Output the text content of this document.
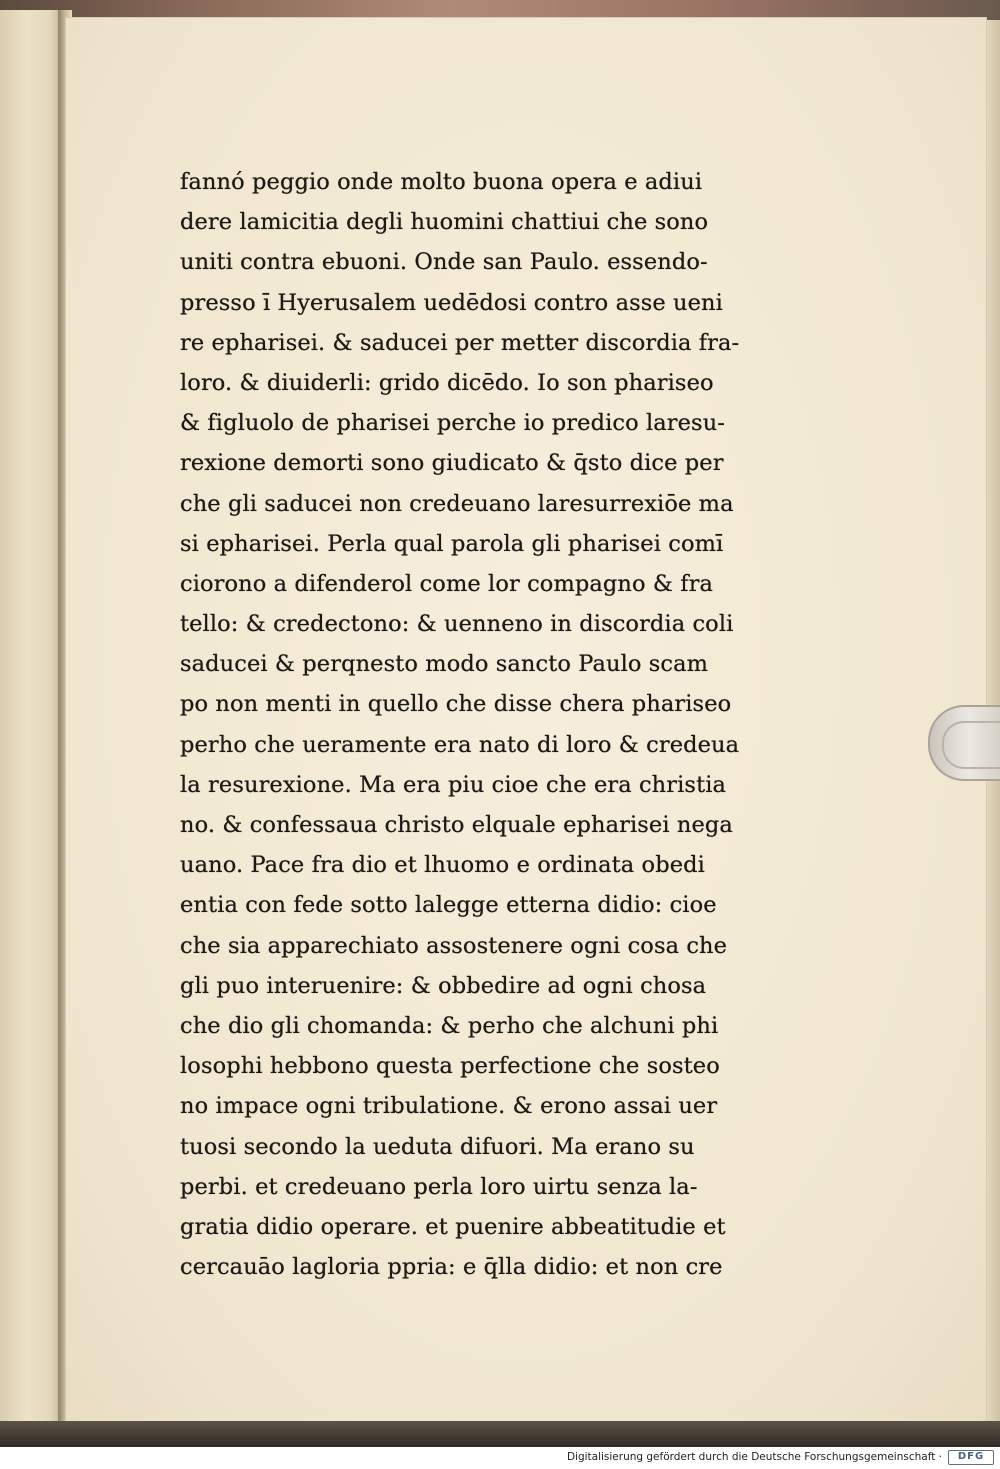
fannó peggio onde molto buona opera e adiui
dere lamicitia degli huomini chattiui che sono
uniti contra ebuoni. Onde san Paulo. essendo-
presso ī Hyerusalem uedēdosi contro asse ueni
re epharisei. & saducei per metter discordia fra-
loro. & diuiderli: grido dicēdo. Io son phariseo
& figluolo de pharisei perche io predico laresu-
rexione demorti sono giudicato & q̄sto dice per
che gli saducei non credeuano laresurrexiōe ma
si epharisei. Perla qual parola gli pharisei comī
ciorono a difenderol come lor compagno & fra
tello: & credectono: & uenneno in discordia coli
saducei & perqnesto modo sancto Paulo scam
po non menti in quello che disse chera phariseo
perho che ueramente era nato di loro & credeua
la resurexione. Ma era piu cioe che era christia
no. & confessaua christo elquale epharisei nega
uano. Pace fra dio et lhuomo e ordinata obedi
entia con fede sotto lalegge etterna didio: cioe
che sia apparechiato assostenere ogni cosa che
gli puo interuenire: & obbedire ad ogni chosa
che dio gli chomanda: & perho che alchuni phi
losophi hebbono questa perfectione che sosteo
no impace ogni tribulatione. & erono assai uer
tuosi secondo la ueduta difuori. Ma erano su
perbi. et credeuano perla loro uirtu senza la-
gratia didio operare. et puenire abbeatitudie et
cercauāo lagloria ppria: e q̄lla didio: et non cre
Digitalisierung gefördert durch die Deutsche Forschungsgemeinschaft ·	DFG
